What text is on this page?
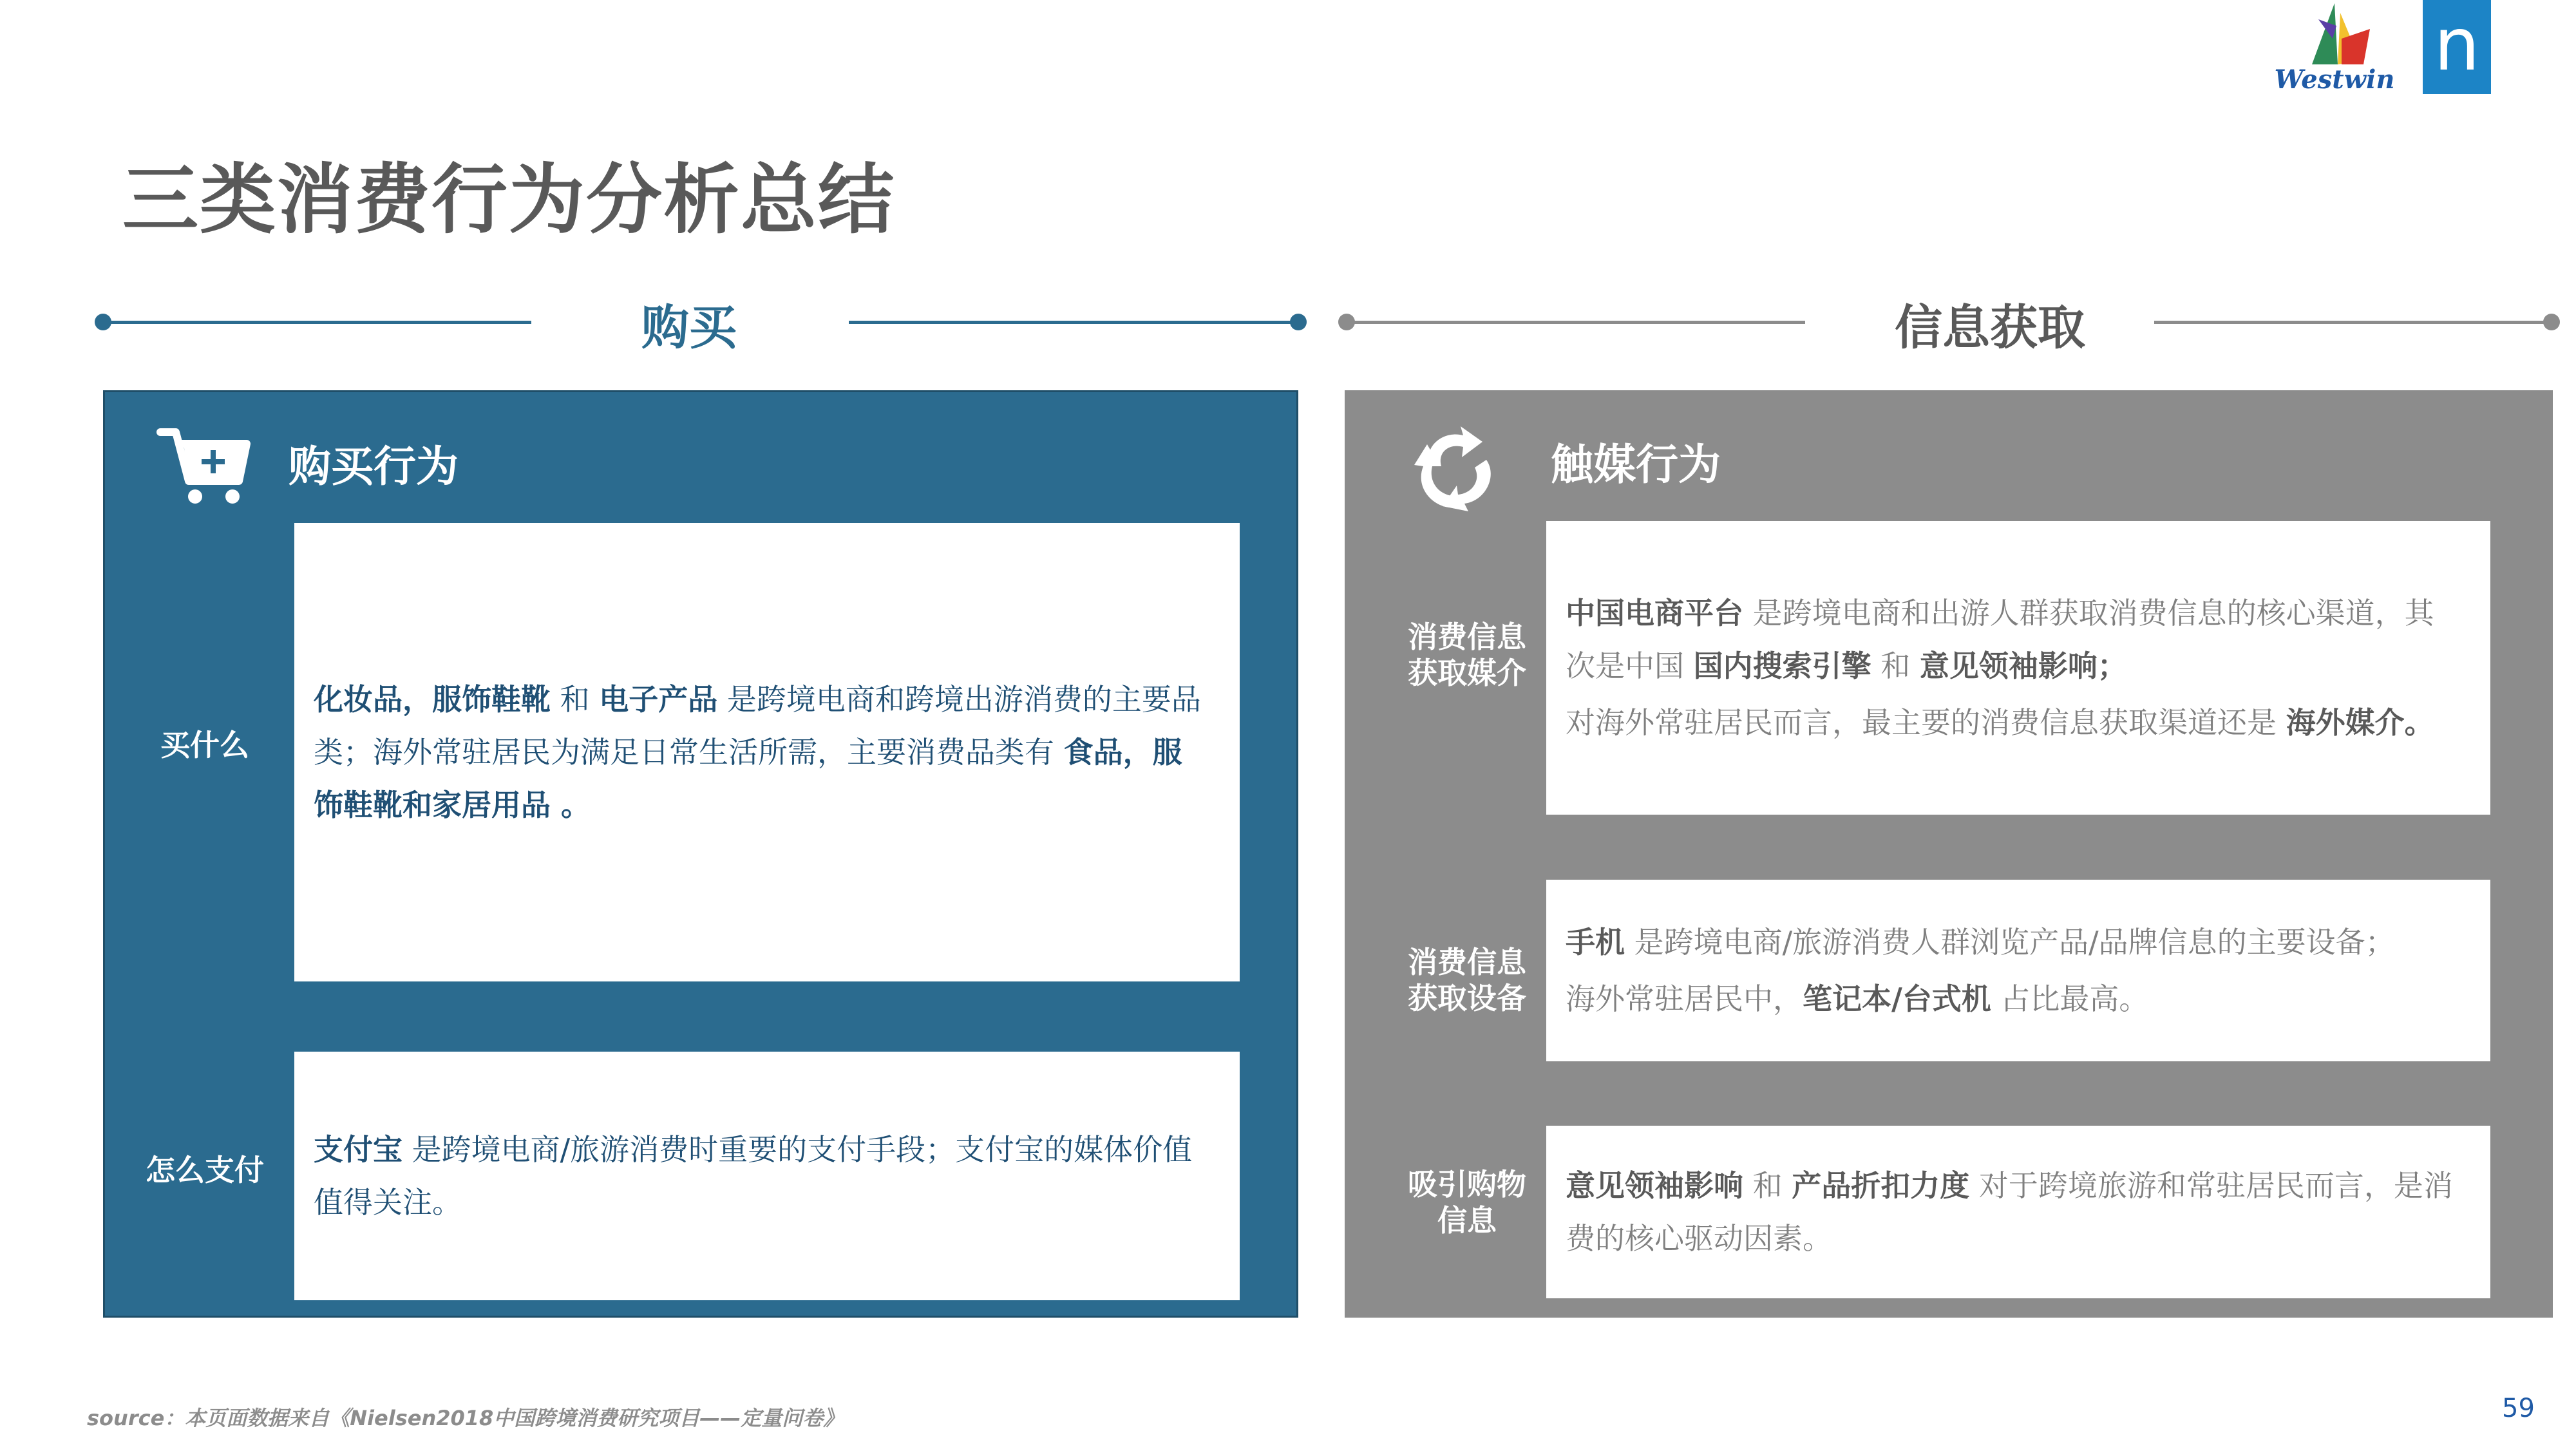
Westwin n
三类消费行为分析总结
购买	信息获取
购买行为
买什么
化妆品，服饰鞋靴 和 电子产品 是跨境电商和跨境出游消费的主要品类；海外常驻居民为满足日常生活所需，主要消费品类有 食品，服饰鞋靴和家居用品 。
怎么支付
支付宝 是跨境电商/旅游消费时重要的支付手段；支付宝的媒体价值值得关注。
触媒行为
消费信息
获取媒介
中国电商平台 是跨境电商和出游人群获取消费信息的核心渠道，其次是中国 国内搜索引擎 和 意见领袖影响；
对海外常驻居民而言，最主要的消费信息获取渠道还是 海外媒介。
消费信息
获取设备
手机 是跨境电商/旅游消费人群浏览产品/品牌信息的主要设备；
海外常驻居民中，笔记本/台式机 占比最高。
吸引购物
信息
意见领袖影响 和 产品折扣力度 对于跨境旅游和常驻居民而言，是消费的核心驱动因素。
source：本页面数据来自《Nielsen2018中国跨境消费研究项目——定量问卷》	59
